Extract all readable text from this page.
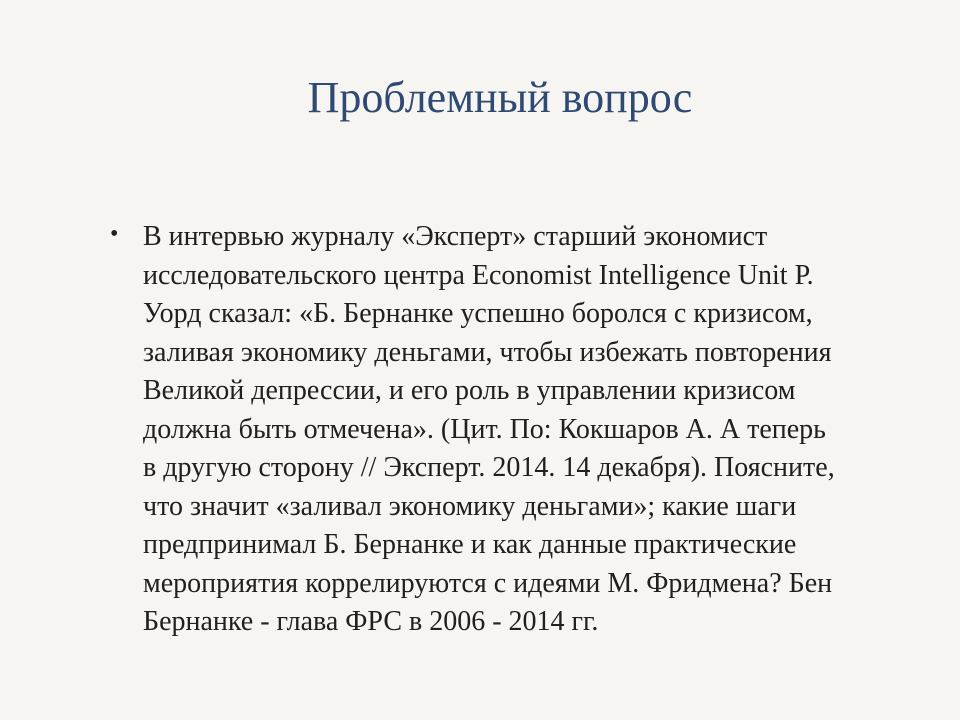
Проблемный вопрос
• В интервью журналу «Эксперт» старший экономист
исследовательского центра Economist Intelligence Unit Р.
Уорд сказал: «Б. Бернанке успешно боролся с кризисом,
заливая экономику деньгами, чтобы избежать повторения
Великой депрессии, и его роль в управлении кризисом
должна быть отмечена». (Цит. По: Кокшаров А. А теперь
в другую сторону // Эксперт. 2014. 14 декабря). Поясните,
что значит «заливал экономику деньгами»; какие шаги
предпринимал Б. Бернанке и как данные практические
мероприятия коррелируются с идеями М. Фридмена? Бен
Бернанке - глава ФРС в 2006 - 2014 гг.
